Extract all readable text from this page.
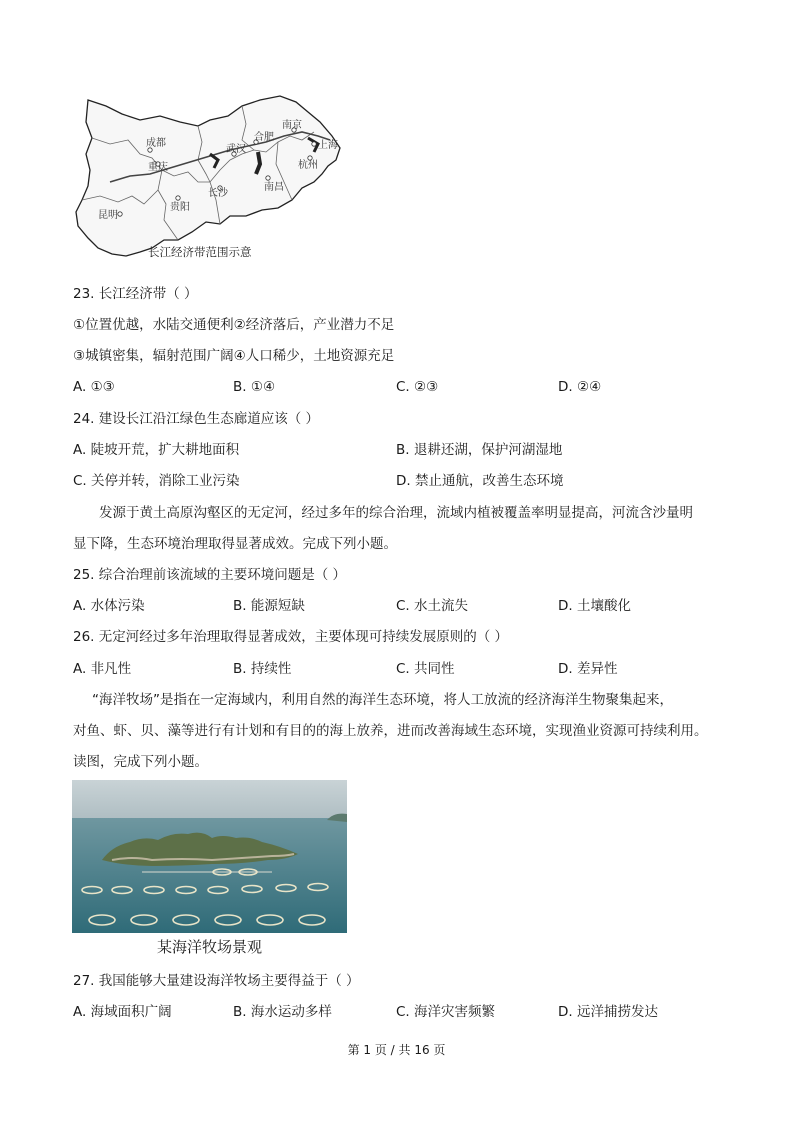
成都
重庆
武汉
合肥
南京
上海
杭州
南昌
长沙
贵阳
昆明
长江经济带范围示意
23. 长江经济带（ ）
①位置优越，水陆交通便利②经济落后，产业潜力不足
③城镇密集，辐射范围广阔④人口稀少，土地资源充足
A. ①③	B. ①④	C. ②③	D. ②④
24. 建设长江沿江绿色生态廊道应该（ ）
A. 陡坡开荒，扩大耕地面积	B. 退耕还湖，保护河湖湿地
C. 关停并转，消除工业污染	D. 禁止通航，改善生态环境
发源于黄土高原沟壑区的无定河，经过多年的综合治理，流域内植被覆盖率明显提高，河流含沙量明
显下降，生态环境治理取得显著成效。完成下列小题。
25. 综合治理前该流域的主要环境问题是（ ）
A. 水体污染	B. 能源短缺	C. 水土流失	D. 土壤酸化
26. 无定河经过多年治理取得显著成效，主要体现可持续发展原则的（ ）
A. 非凡性	B. 持续性	C. 共同性	D. 差异性
“海洋牧场”是指在一定海域内，利用自然的海洋生态环境，将人工放流的经济海洋生物聚集起来，
对鱼、虾、贝、藻等进行有计划和有目的的海上放养，进而改善海域生态环境，实现渔业资源可持续利用。
读图，完成下列小题。
某海洋牧场景观
27. 我国能够大量建设海洋牧场主要得益于（ ）
A. 海域面积广阔	B. 海水运动多样	C. 海洋灾害频繁	D. 远洋捕捞发达
第 1 页 / 共 16 页
